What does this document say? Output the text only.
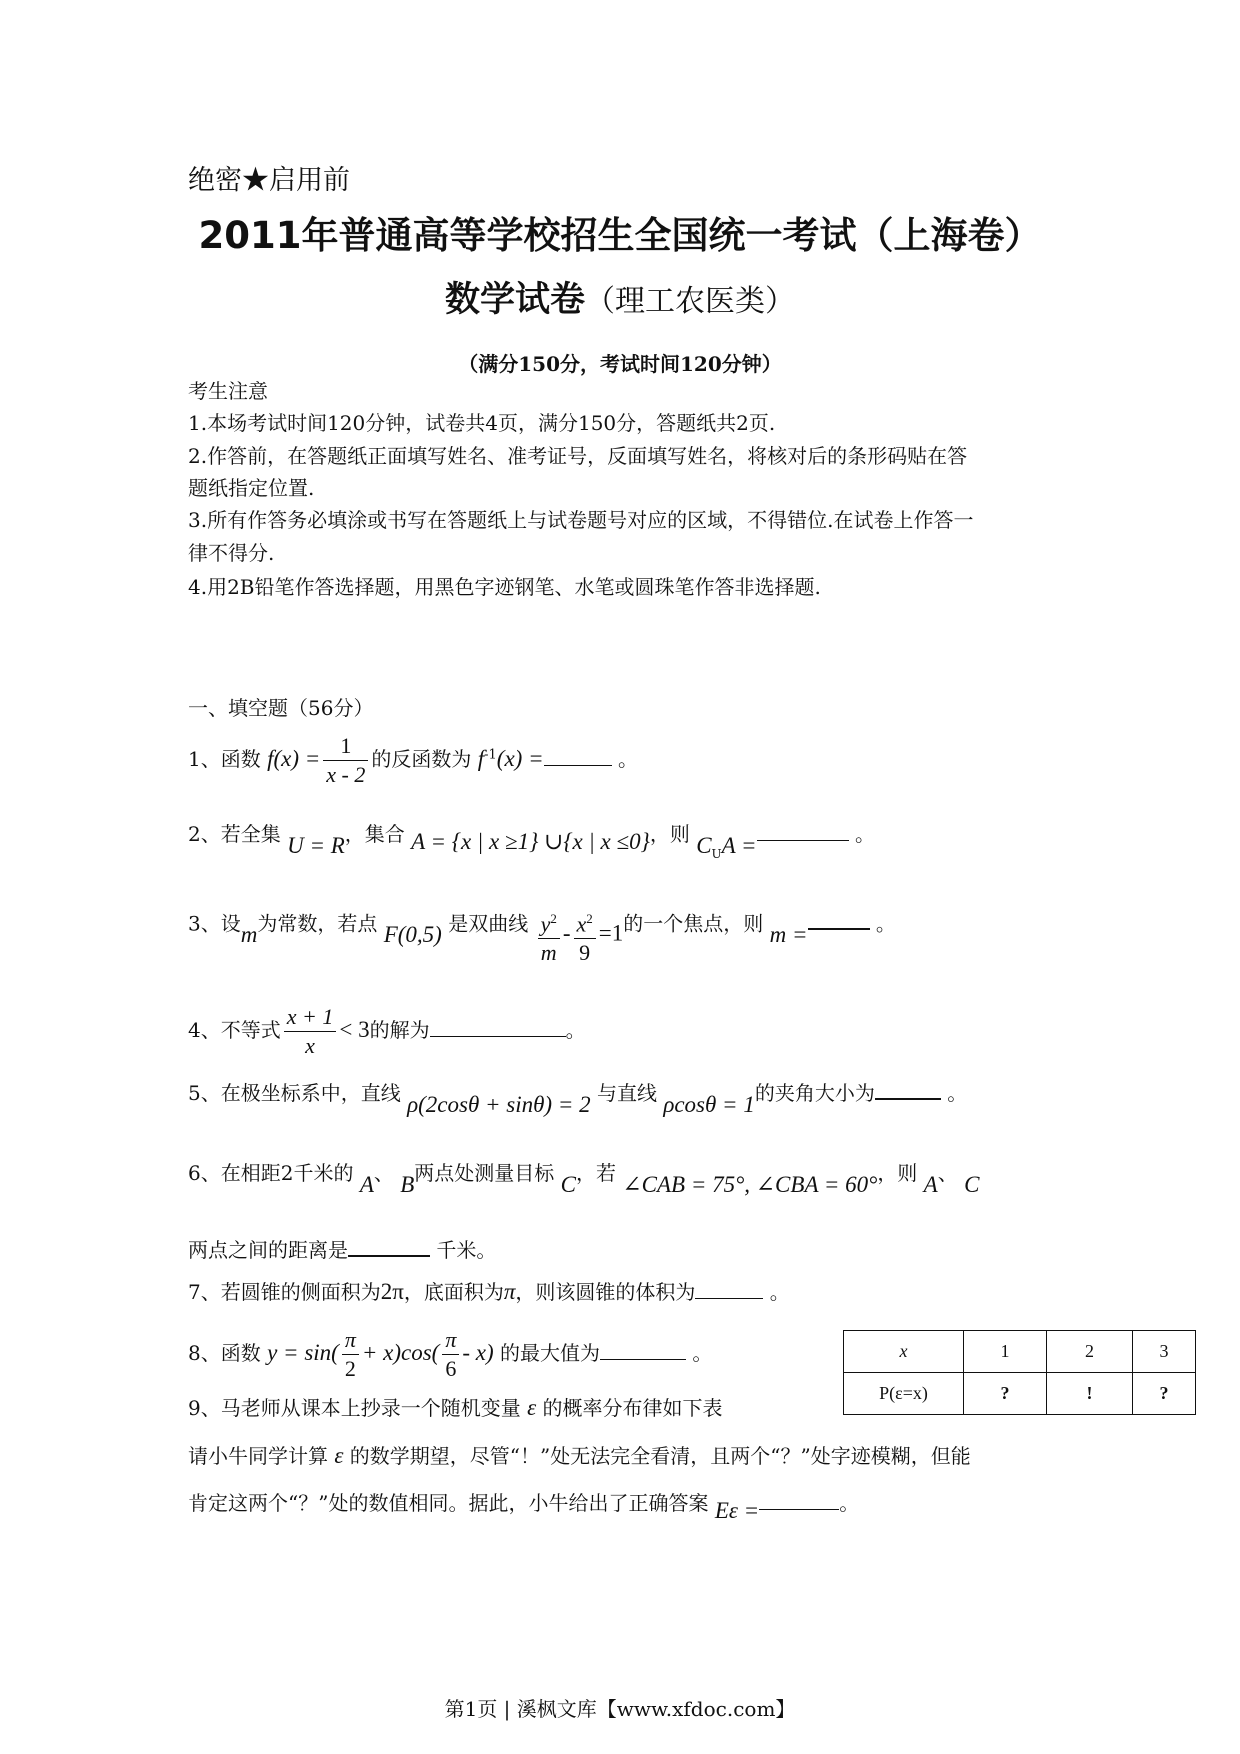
绝密★启用前
2011年普通高等学校招生全国统一考试（上海卷）
数学试卷（理工农医类）
（满分150分，考试时间120分钟）
考生注意
1.本场考试时间120分钟，试卷共4页，满分150分，答题纸共2页.
2.作答前，在答题纸正面填写姓名、准考证号，反面填写姓名，将核对后的条形码贴在答
题纸指定位置.
3.所有作答务必填涂或书写在答题纸上与试卷题号对应的区域，不得错位.在试卷上作答一
律不得分.
4.用2B铅笔作答选择题，用黑色字迹钢笔、水笔或圆珠笔作答非选择题.
一、填空题（56分）
1、函数 $f(x) = \frac{1}{x - 2}$ 的反函数为 $f^{-1}(x)$ =	。
2、若全集 U = R，集合 A = {x | x ≥1} ∪{x | x ≤0}，则 $C_UA$ =	。
3、设m为常数，若点 F(0,5) 是双曲线 $\frac{y^2}{m} - \frac{x^2}{9} =1$的一个焦点，则 m =	。
4、不等式 $\frac{x + 1}{x} < 3$的解为	。
5、在极坐标系中，直线 ρ(2cosθ + sinθ) = 2 与直线 ρcosθ = 1的夹角大小为	。
6、在相距2千米的 A、 B两点处测量目标 C，若 ∠CAB = 75°, ∠CBA = 60°，则 A、 C
两点之间的距离是	千米。
7、若圆锥的侧面积为2π，底面积为π，则该圆锥的体积为	。
8、函数 $y = \sin( \frac{\pi}{2} + x)\cos( \frac{\pi}{6} - x)$ 的最大值为	。
9、马老师从课本上抄录一个随机变量 ε 的概率分布律如下表
请小牛同学计算 ε 的数学期望，尽管“！”处无法完全看清，且两个“？”处字迹模糊，但能
肯定这两个“？”处的数值相同。据此，小牛给出了正确答案 Eε =	。
x	1	2	3
P(ε=x)	?	!	?
第1页 | 溪枫文库【www.xfdoc.com】
